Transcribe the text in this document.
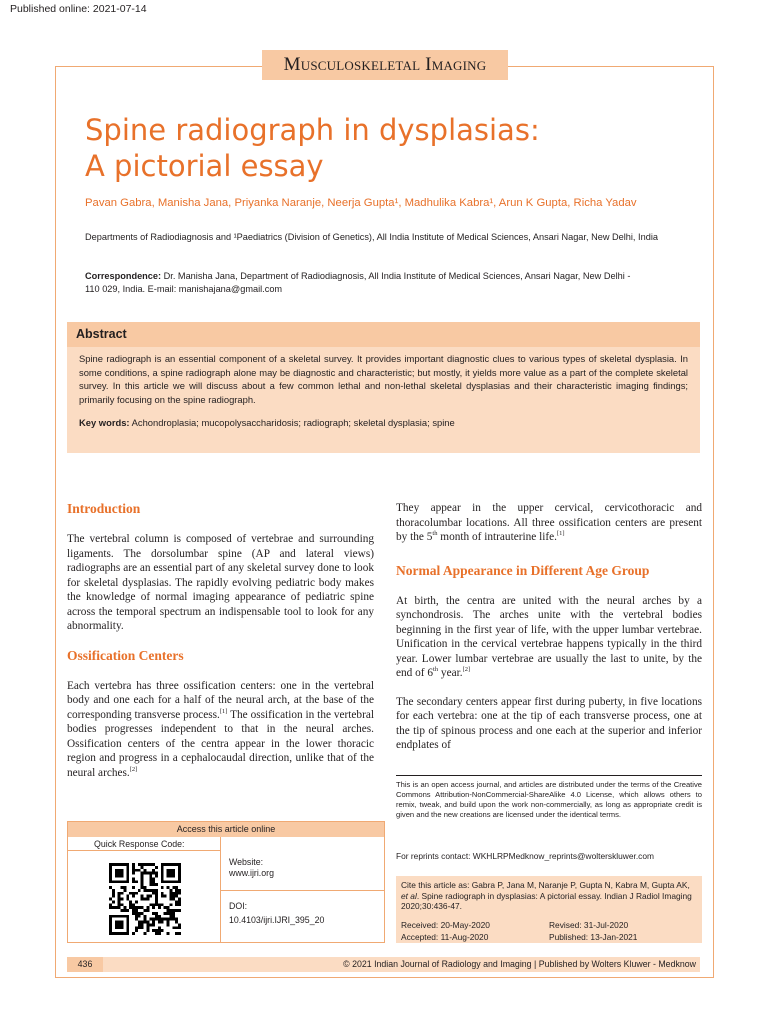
Published online: 2021-07-14
Musculoskeletal Imaging
Spine radiograph in dysplasias:
A pictorial essay
Pavan Gabra, Manisha Jana, Priyanka Naranje, Neerja Gupta¹, Madhulika Kabra¹, Arun K Gupta, Richa Yadav
Departments of Radiodiagnosis and ¹Paediatrics (Division of Genetics), All India Institute of Medical Sciences, Ansari Nagar, New Delhi, India
Correspondence: Dr. Manisha Jana, Department of Radiodiagnosis, All India Institute of Medical Sciences, Ansari Nagar, New Delhi - 110 029, India. E-mail: manishajana@gmail.com
Abstract
Spine radiograph is an essential component of a skeletal survey. It provides important diagnostic clues to various types of skeletal dysplasia. In some conditions, a spine radiograph alone may be diagnostic and characteristic; but mostly, it yields more value as a part of the complete skeletal survey. In this article we will discuss about a few common lethal and non-lethal skeletal dysplasias and their characteristic imaging findings; primarily focusing on the spine radiograph.
Key words: Achondroplasia; mucopolysaccharidosis; radiograph; skeletal dysplasia; spine
Introduction

The vertebral column is composed of vertebrae and surrounding ligaments. The dorsolumbar spine (AP and lateral views) radiographs are an essential part of any skeletal survey done to look for skeletal dysplasias. The rapidly evolving pediatric body makes the knowledge of normal imaging appearance of pediatric spine across the temporal spectrum an indispensable tool to look for any abnormality.

Ossification Centers

Each vertebra has three ossification centers: one in the vertebral body and one each for a half of the neural arch, at the base of the corresponding transverse process.[1] The ossification in the vertebral bodies progresses independent to that in the neural arches. Ossification centers of the centra appear in the lower thoracic region and progress in a cephalocaudal direction, unlike that of the neural arches.[2]

They appear in the upper cervical, cervicothoracic and thoracolumbar locations. All three ossification centers are present by the 5th month of intrauterine life.[1]

Normal Appearance in Different Age Group

At birth, the centra are united with the neural arches by a synchondrosis. The arches unite with the vertebral bodies beginning in the first year of life, with the upper lumbar vertebrae. Unification in the cervical vertebrae happens typically in the third year. Lower lumbar vertebrae are usually the last to unite, by the end of 6th year.[2]

The secondary centers appear first during puberty, in five locations for each vertebra: one at the tip of each transverse process, one at the tip of spinous process and one each at the superior and inferior endplates of

This is an open access journal, and articles are distributed under the terms of the Creative Commons Attribution-NonCommercial-ShareAlike 4.0 License, which allows others to remix, tweak, and build upon the work non-commercially, as long as appropriate credit is given and the new creations are licensed under the identical terms.
For reprints contact: WKHLRPMedknow_reprints@wolterskluwer.com
Cite this article as: Gabra P, Jana M, Naranje P, Gupta N, Kabra M, Gupta AK, et al. Spine radiograph in dysplasias: A pictorial essay. Indian J Radiol Imaging 2020;30:436-47.
Received: 20-May-2020	Revised: 31-Jul-2020
Accepted: 11-Aug-2020	Published: 13-Jan-2021
Access this article online
Quick Response Code:
Website:
www.ijri.org
DOI:
10.4103/ijri.IJRI_395_20
436	© 2021 Indian Journal of Radiology and Imaging | Published by Wolters Kluwer - Medknow
